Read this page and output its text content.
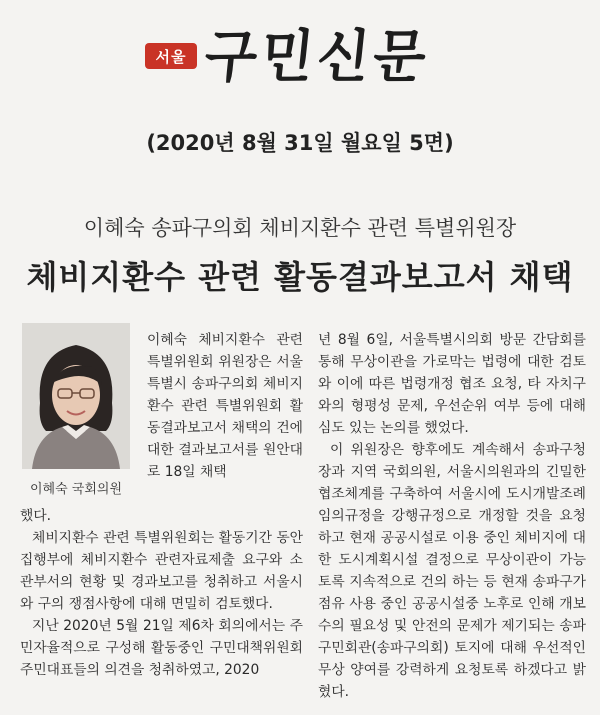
서울 구민신문
(2020년 8월 31일 월요일 5면)
이혜숙 송파구의회 체비지환수 관련 특별위원장
체비지환수 관련 활동결과보고서 채택
이혜숙 국회의원
이혜숙 체비지환수 관련 특별위원회 위원장은 서울특별시 송파구의회 체비지환수 관련 특별위원회 활동결과보고서 채택의 건에 대한 결과보고서를 원안대로 18일 채택

했다.

체비지환수 관련 특별위원회는 활동기간 동안 집행부에 체비지환수 관련자료제출 요구와 소관부서의 현황 및 경과보고를 청취하고 서울시와 구의 쟁점사항에 대해 면밀히 검토했다.

지난 2020년 5월 21일 제6차 회의에서는 주민자율적으로 구성해 활동중인 구민대책위원회 주민대표들의 의견을 청취하였고, 2020

년 8월 6일, 서울특별시의회 방문 간담회를 통해 무상이관을 가로막는 법령에 대한 검토와 이에 따른 법령개정 협조 요청, 타 자치구와의 형평성 문제, 우선순위 여부 등에 대해 심도 있는 논의를 했었다.

이 위원장은 향후에도 계속해서 송파구청장과 지역 국회의원, 서울시의원과의 긴밀한 협조체계를 구축하여 서울시에 도시개발조례 임의규정을 강행규정으로 개정할 것을 요청하고 현재 공공시설로 이용 중인 체비지에 대한 도시계획시설 결정으로 무상이관이 가능토록 지속적으로 건의 하는 등 현재 송파구가 점유 사용 중인 공공시설중 노후로 인해 개보수의 필요성 및 안전의 문제가 제기되는 송파구민회관(송파구의회) 토지에 대해 우선적인 무상 양여를 강력하게 요청토록 하겠다고 밝혔다.
